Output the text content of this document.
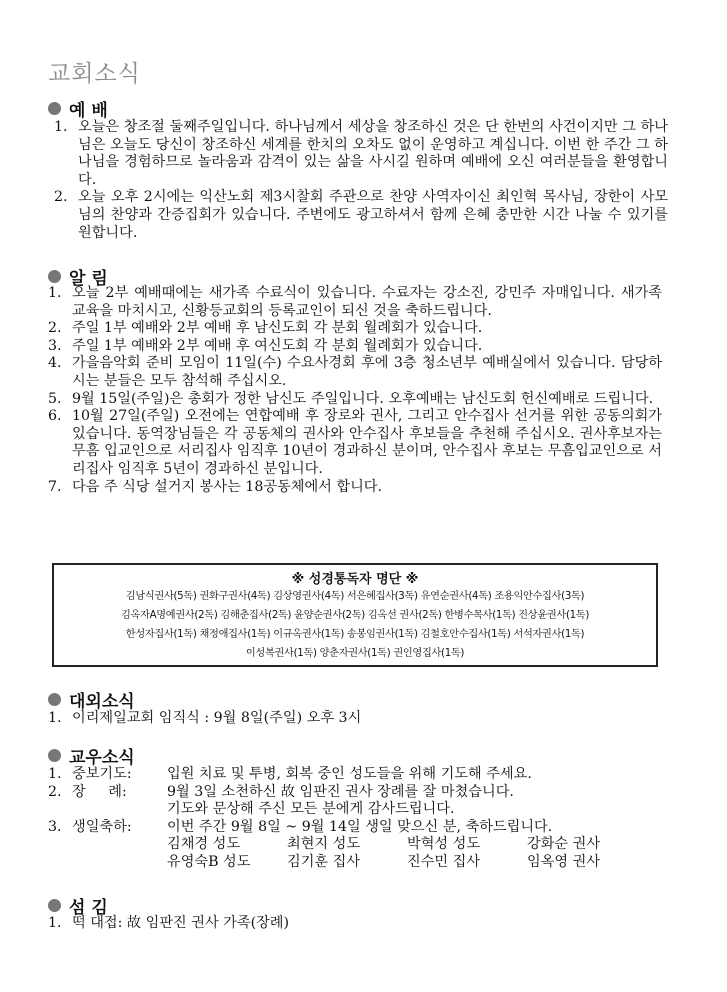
교회소식
예 배
1. 오늘은 창조절 둘째주일입니다. 하나님께서 세상을 창조하신 것은 단 한번의 사건이지만 그 하나님은 오늘도 당신이 창조하신 세계를 한치의 오차도 없이 운영하고 계십니다. 이번 한 주간 그 하나님을 경험하므로 놀라움과 감격이 있는 삶을 사시길 원하며 예배에 오신 여러분들을 환영합니다.
2. 오늘 오후 2시에는 익산노회 제3시찰회 주관으로 찬양 사역자이신 최인혁 목사님, 장한이 사모님의 찬양과 간증집회가 있습니다. 주변에도 광고하셔서 함께 은혜 충만한 시간 나눌 수 있기를 원합니다.
알 림
1. 오늘 2부 예배때에는 새가족 수료식이 있습니다. 수료자는 강소진, 강민주 자매입니다. 새가족 교육을 마치시고, 신황등교회의 등록교인이 되신 것을 축하드립니다.
2. 주일 1부 예배와 2부 예배 후 남신도회 각 분회 월례회가 있습니다.
3. 주일 1부 예배와 2부 예배 후 여신도회 각 분회 월례회가 있습니다.
4. 가을음악회 준비 모임이 11일(수) 수요사경회 후에 3층 청소년부 예배실에서 있습니다. 담당하시는 분들은 모두 참석해 주십시오.
5. 9월 15일(주일)은 총회가 정한 남신도 주일입니다. 오후예배는 남신도회 헌신예배로 드립니다.
6. 10월 27일(주일) 오전에는 연합예배 후 장로와 권사, 그리고 안수집사 선거를 위한 공동의회가 있습니다. 동역장님들은 각 공동체의 권사와 안수집사 후보들을 추천해 주십시오. 권사후보자는 무흠 입교인으로 서리집사 임직후 10년이 경과하신 분이며, 안수집사 후보는 무흠입교인으로 서리집사 임직후 5년이 경과하신 분입니다.
7. 다음 주 식당 설거지 봉사는 18공동체에서 합니다.
※ 성경통독자 명단 ※
김남식권사(5독) 권화구권사(4독) 김상영권사(4독) 서은혜집사(3독) 유연순권사(4독) 조용익안수집사(3독)
김옥자A명예권사(2독) 김해춘집사(2독) 윤양순권사(2독) 김옥선 권사(2독) 한병수목사(1독) 진상윤권사(1독)
한성자집사(1독) 채정애집사(1독) 이규옥권사(1독) 송봉임권사(1독) 김철호안수집사(1독) 서석자권사(1독)
이성복권사(1독) 양춘자권사(1독) 권인영집사(1독)
대외소식
1. 이리제일교회 임직식 : 9월 8일(주일) 오후 3시
교우소식
1. 중보기도:	입원 치료 및 투병, 회복 중인 성도들을 위해 기도해 주세요.
2. 장     례:	9월 3일 소천하신 故 임판진 권사 장례를 잘 마쳤습니다.
기도와 문상해 주신 모든 분에게 감사드립니다.
3. 생일축하:	이번 주간 9월 8일 ~ 9월 14일 생일 맞으신 분, 축하드립니다.
김채경 성도	최현지 성도	박혁성 성도	강화순 권사
유영숙B 성도	김기훈 집사	진수민 집사	임옥영 권사
섬 김
1. 떡 대접: 故 임판진 권사 가족(장례)
